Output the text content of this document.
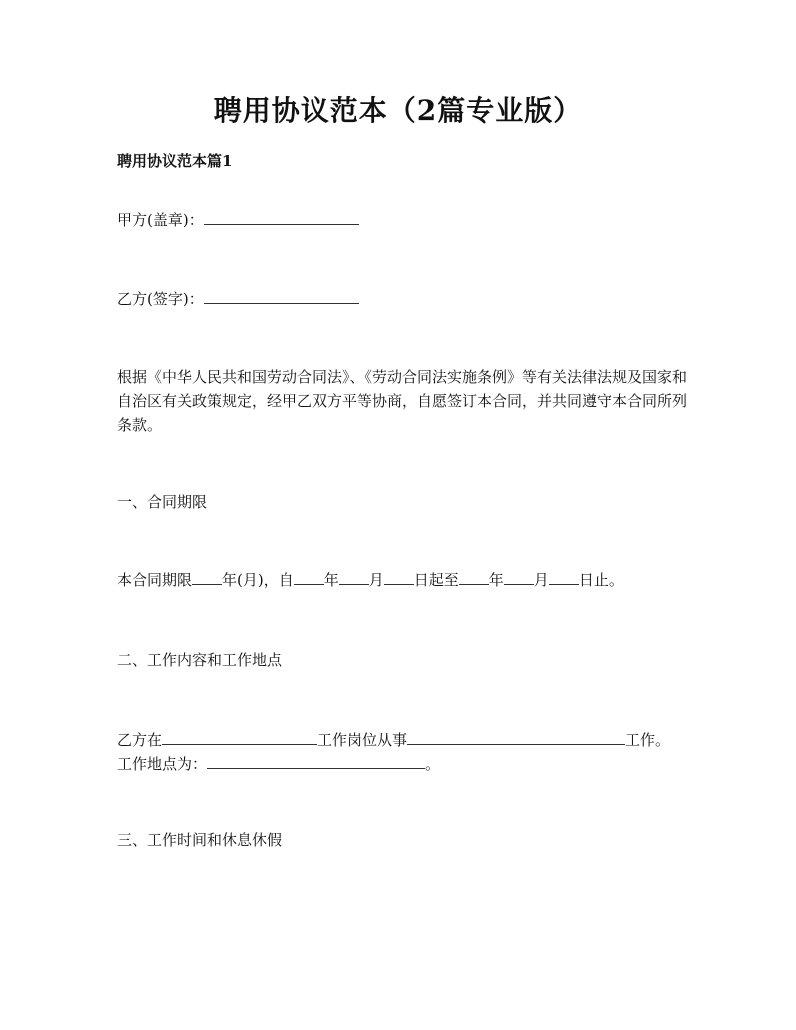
聘用协议范本（2篇专业版）
聘用协议范本篇1
甲方(盖章)：
乙方(签字)：
根据《中华人民共和国劳动合同法》、《劳动合同法实施条例》等有关法律法规及国家和自治区有关政策规定，经甲乙双方平等协商，自愿签订本合同，并共同遵守本合同所列条款。
一、合同期限
本合同期限 年(月)，自 年 月 日起至 年 月 日止。
二、工作内容和工作地点
乙方在	工作岗位从事	工作。
工作地点为：	。
三、工作时间和休息休假
